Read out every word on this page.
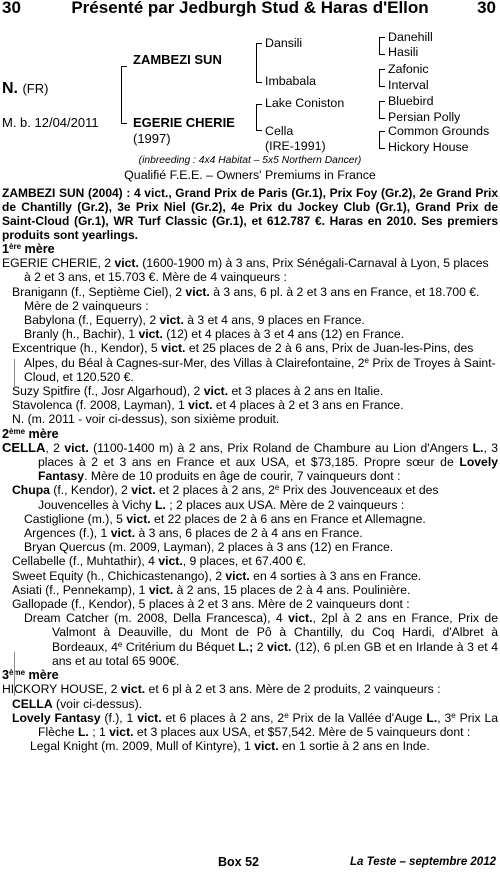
30	Présenté par Jedburgh Stud & Haras d'Ellon	30
N. (FR)
M. b. 12/04/2011
ZAMBEZI SUN
EGERIE CHERIE
(1997)
Dansili
Imbabala
Lake Coniston
Cella
(IRE-1991)
Danehill
Hasili
Zafonic
Interval
Bluebird
Persian Polly
Common Grounds
Hickory House
(inbreeding : 4x4 Habitat – 5x5 Northern Dancer)
Qualifié F.E.E. – Owners' Premiums in France

ZAMBEZI SUN (2004) : 4 vict., Grand Prix de Paris (Gr.1), Prix Foy (Gr.2), 2e Grand Prix de Chantilly (Gr.2), 3e Prix Niel (Gr.2), 4e Prix du Jockey Club (Gr.1), Grand Prix de Saint-Cloud (Gr.1), WR Turf Classic (Gr.1), et 612.787 €. Haras en 2010. Ses premiers produits sont yearlings.

1ère mère

EGERIE CHERIE, 2 vict. (1600-1900 m) à 3 ans, Prix Sénégali-Carnaval à Lyon, 5 places à 2 et 3 ans, et 15.703 €. Mère de 4 vainqueurs :

Branigann (f., Septième Ciel), 2 vict. à 3 ans, 6 pl. à 2 et 3 ans en France, et 18.700 €. Mère de 2 vainqueurs :

Babylona (f., Equerry), 2 vict. à 3 et 4 ans, 9 places en France.

Branly (h., Bachir), 1 vict. (12) et 4 places à 3 et 4 ans (12) en France.

Excentrique (h., Kendor), 5 vict. et 25 places de 2 à 6 ans, Prix de Juan-les-Pins, des Alpes, du Béal à Cagnes-sur-Mer, des Villas à Clairefontaine, 2e Prix de Troyes à Saint-Cloud, et 120.520 €.

Suzy Spitfire (f., Josr Algarhoud), 2 vict. et 3 places à 2 ans en Italie.

Stavolenca (f. 2008, Layman), 1 vict. et 4 places à 2 et 3 ans en France.

N. (m. 2011 - voir ci-dessus), son sixième produit.

2ème mère

CELLA, 2 vict. (1100-1400 m) à 2 ans, Prix Roland de Chambure au Lion d'Angers L., 3 places à 2 et 3 ans en France et aux USA, et $73,185. Propre sœur de Lovely Fantasy. Mère de 10 produits en âge de courir, 7 vainqueurs dont :

Chupa (f., Kendor), 2 vict. et 2 places à 2 ans, 2e Prix des Jouvenceaux et des Jouvencelles à Vichy L. ; 2 places aux USA. Mère de 2 vainqueurs :

Castiglione (m.), 5 vict. et 22 places de 2 à 6 ans en France et Allemagne.

Argences (f.), 1 vict. à 3 ans, 6 places de 2 à 4 ans en France.

Bryan Quercus (m. 2009, Layman), 2 places à 3 ans (12) en France.

Cellabelle (f., Muhtathir), 4 vict., 9 places, et 67.400 €.

Sweet Equity (h., Chichicastenango), 2 vict. en 4 sorties à 3 ans en France.

Asiati (f., Pennekamp), 1 vict. à 2 ans, 15 places de 2 à 4 ans. Poulinière.

Gallopade (f., Kendor), 5 places à 2 et 3 ans. Mère de 2 vainqueurs dont :

Dream Catcher (m. 2008, Della Francesca), 4 vict., 2pl à 2 ans en France, Prix de Valmont à Deauville, du Mont de Pô à Chantilly, du Coq Hardi, d'Albret à Bordeaux, 4e Critérium du Béquet L.; 2 vict. (12), 6 pl.en GB et en Irlande à 3 et 4 ans et au total 65 900€.

3ème mère

HICKORY HOUSE, 2 vict. et 6 pl à 2 et 3 ans. Mère de 2 produits, 2 vainqueurs :

CELLA (voir ci-dessus).

Lovely Fantasy (f.), 1 vict. et 6 places à 2 ans, 2e Prix de la Vallée d'Auge L., 3e Prix La Flèche L. ; 1 vict. et 3 places aux USA, et $57,542. Mère de 5 vainqueurs dont :

Legal Knight (m. 2009, Mull of Kintyre), 1 vict. en 1 sortie à 2 ans en Inde.

Box 52	La Teste – septembre 2012
